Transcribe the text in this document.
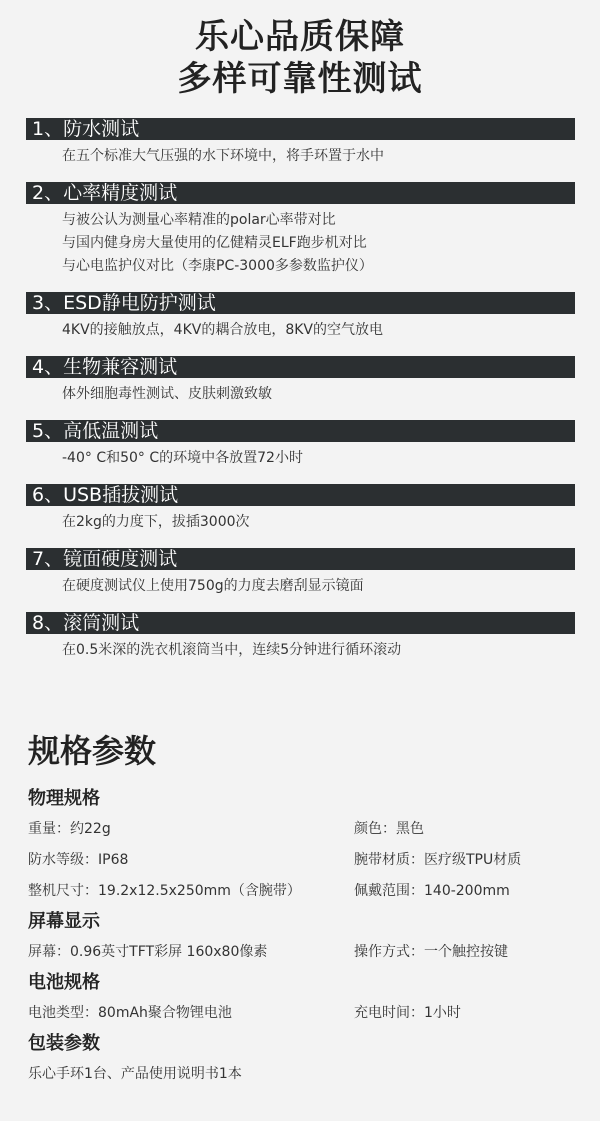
乐心品质保障
多样可靠性测试
1、防水测试
在五个标准大气压强的水下环境中，将手环置于水中
2、心率精度测试
与被公认为测量心率精准的polar心率带对比
与国内健身房大量使用的亿健精灵ELF跑步机对比
与心电监护仪对比（李康PC-3000多参数监护仪）
3、ESD静电防护测试
4KV的接触放点，4KV的耦合放电，8KV的空气放电
4、生物兼容测试
体外细胞毒性测试、皮肤刺激致敏
5、高低温测试
-40° C和50° C的环境中各放置72小时
6、USB插拔测试
在2kg的力度下，拔插3000次
7、镜面硬度测试
在硬度测试仪上使用750g的力度去磨刮显示镜面
8、滚筒测试
在0.5米深的洗衣机滚筒当中，连续5分钟进行循环滚动
规格参数
物理规格
重量：约22g	颜色：黑色
防水等级：IP68	腕带材质：医疗级TPU材质
整机尺寸：19.2x12.5x250mm（含腕带）	佩戴范围：140-200mm
屏幕显示
屏幕：0.96英寸TFT彩屏 160x80像素	操作方式：一个触控按键
电池规格
电池类型：80mAh聚合物锂电池	充电时间：1小时
包装参数
乐心手环1台、产品使用说明书1本
